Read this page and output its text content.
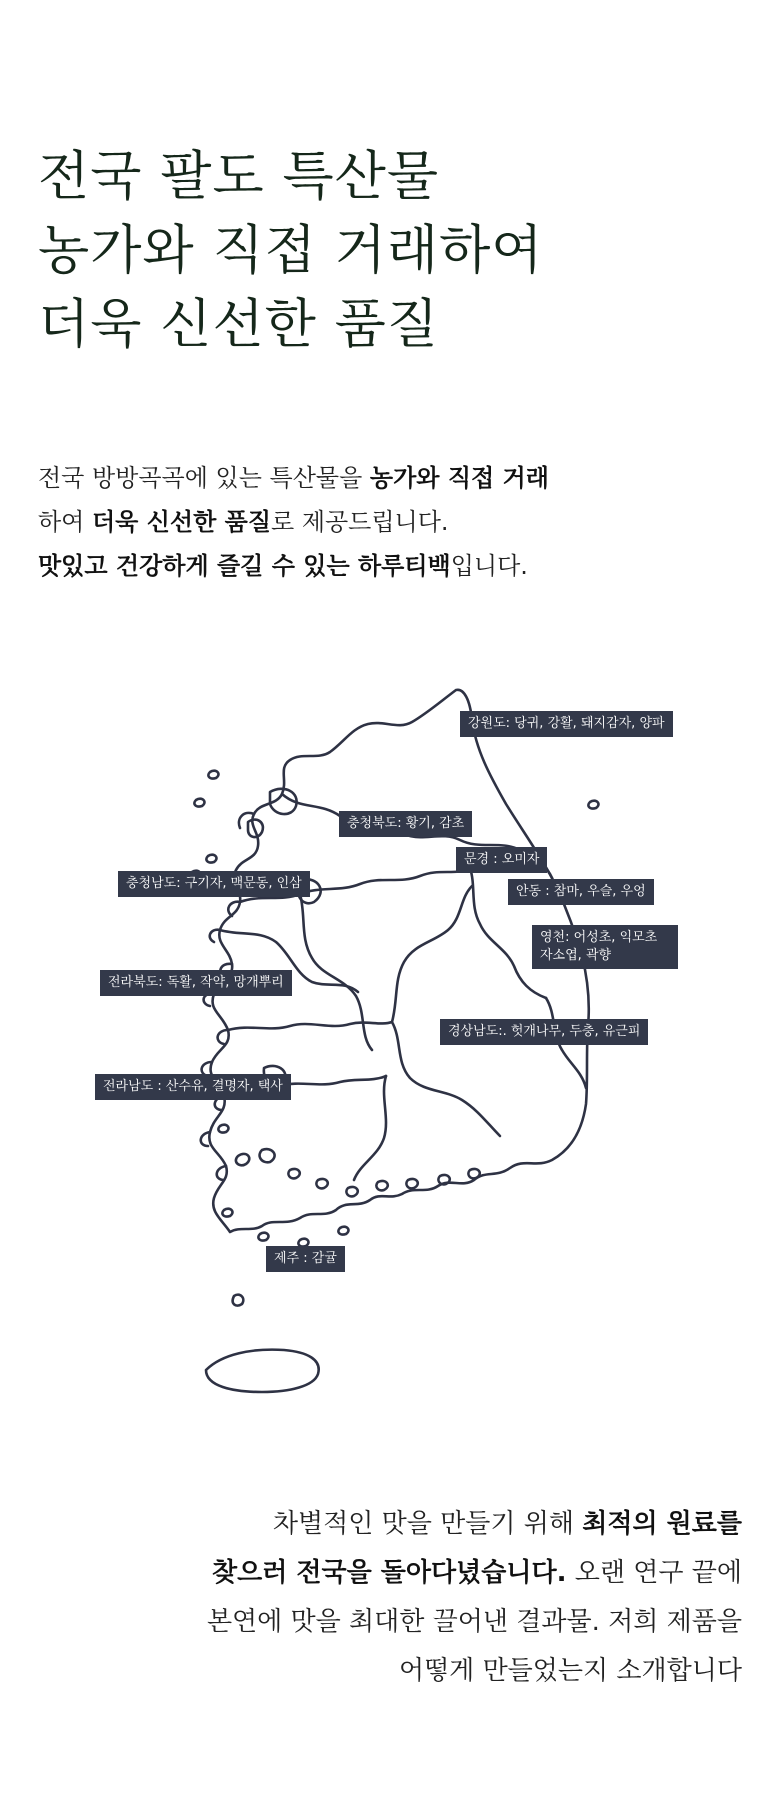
전국 팔도 특산물
농가와 직접 거래하여
더욱 신선한 품질
전국 방방곡곡에 있는 특산물을 농가와 직접 거래
하여 더욱 신선한 품질로 제공드립니다.
맛있고 건강하게 즐길 수 있는 하루티백입니다.
강원도: 당귀, 강활, 돼지감자, 양파
충청북도: 황기, 감초
문경 : 오미자
충청남도: 구기자, 맥문동, 인삼
안동 : 참마, 우슬, 우엉
영천: 어성초, 익모초
자소엽, 곽향
전라북도: 독활, 작약, 망개뿌리
경상남도:. 헛개나무, 두충, 유근피
전라남도 : 산수유, 결명자, 택사
제주 : 감귤
차별적인 맛을 만들기 위해 최적의 원료를
찾으러 전국을 돌아다녔습니다. 오랜 연구 끝에
본연에 맛을 최대한 끌어낸 결과물. 저희 제품을
어떻게 만들었는지 소개합니다
